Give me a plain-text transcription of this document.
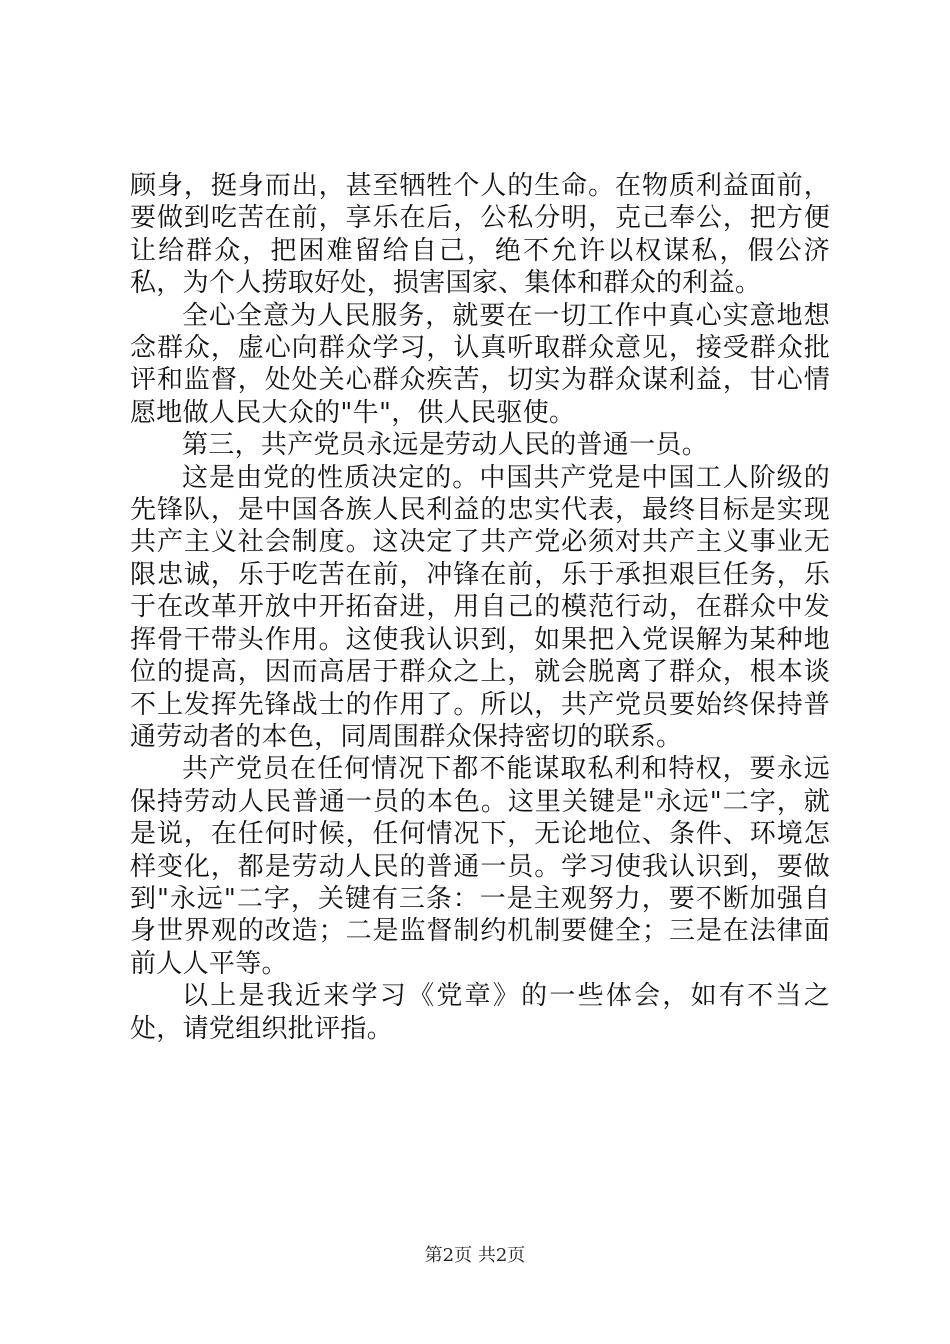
顾身，挺身而出，甚至牺牲个人的生命。在物质利益面前，要做到吃苦在前，享乐在后，公私分明，克己奉公，把方便让给群众，把困难留给自己，绝不允许以权谋私，假公济私，为个人捞取好处，损害国家、集体和群众的利益。

全心全意为人民服务，就要在一切工作中真心实意地想念群众，虚心向群众学习，认真听取群众意见，接受群众批评和监督，处处关心群众疾苦，切实为群众谋利益，甘心情愿地做人民大众的"牛"，供人民驱使。

第三，共产党员永远是劳动人民的普通一员。

这是由党的性质决定的。中国共产党是中国工人阶级的先锋队，是中国各族人民利益的忠实代表，最终目标是实现共产主义社会制度。这决定了共产党必须对共产主义事业无限忠诚，乐于吃苦在前，冲锋在前，乐于承担艰巨任务，乐于在改革开放中开拓奋进，用自己的模范行动，在群众中发挥骨干带头作用。这使我认识到，如果把入党误解为某种地位的提高，因而高居于群众之上，就会脱离了群众，根本谈不上发挥先锋战士的作用了。所以，共产党员要始终保持普通劳动者的本色，同周围群众保持密切的联系。

共产党员在任何情况下都不能谋取私利和特权，要永远保持劳动人民普通一员的本色。这里关键是"永远"二字，就是说，在任何时候，任何情况下，无论地位、条件、环境怎样变化，都是劳动人民的普通一员。学习使我认识到，要做到"永远"二字，关键有三条：一是主观努力，要不断加强自身世界观的改造；二是监督制约机制要健全；三是在法律面前人人平等。

以上是我近来学习《党章》的一些体会，如有不当之处，请党组织批评指。

第2页 共2页
